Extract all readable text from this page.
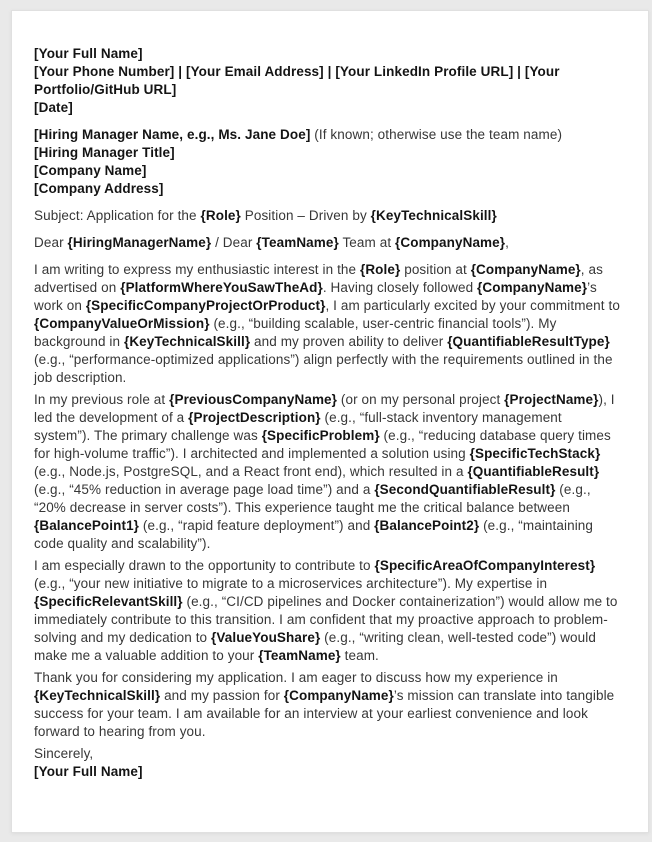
[Your Full Name]
[Your Phone Number] | [Your Email Address] | [Your LinkedIn Profile URL] | [Your Portfolio/GitHub URL]
[Date]

[Hiring Manager Name, e.g., Ms. Jane Doe] (If known; otherwise use the team name)
[Hiring Manager Title]
[Company Name]
[Company Address]

Subject: Application for the {Role} Position – Driven by {KeyTechnicalSkill}

Dear {HiringManagerName} / Dear {TeamName} Team at {CompanyName},

I am writing to express my enthusiastic interest in the {Role} position at {CompanyName}, as advertised on {PlatformWhereYouSawTheAd}. Having closely followed {CompanyName}’s work on {SpecificCompanyProjectOrProduct}, I am particularly excited by your commitment to {CompanyValueOrMission} (e.g., “building scalable, user-centric financial tools”). My background in {KeyTechnicalSkill} and my proven ability to deliver {QuantifiableResultType} (e.g., “performance-optimized applications”) align perfectly with the requirements outlined in the job description.

In my previous role at {PreviousCompanyName} (or on my personal project {ProjectName}), I led the development of a {ProjectDescription} (e.g., “full-stack inventory management system”). The primary challenge was {SpecificProblem} (e.g., “reducing database query times for high-volume traffic”). I architected and implemented a solution using {SpecificTechStack} (e.g., Node.js, PostgreSQL, and a React front end), which resulted in a {QuantifiableResult} (e.g., “45% reduction in average page load time”) and a {SecondQuantifiableResult} (e.g., “20% decrease in server costs”). This experience taught me the critical balance between {BalancePoint1} (e.g., “rapid feature deployment”) and {BalancePoint2} (e.g., “maintaining code quality and scalability”).

I am especially drawn to the opportunity to contribute to {SpecificAreaOfCompanyInterest} (e.g., “your new initiative to migrate to a microservices architecture”). My expertise in {SpecificRelevantSkill} (e.g., “CI/CD pipelines and Docker containerization”) would allow me to immediately contribute to this transition. I am confident that my proactive approach to problem-solving and my dedication to {ValueYouShare} (e.g., “writing clean, well-tested code”) would make me a valuable addition to your {TeamName} team.

Thank you for considering my application. I am eager to discuss how my experience in {KeyTechnicalSkill} and my passion for {CompanyName}’s mission can translate into tangible success for your team. I am available for an interview at your earliest convenience and look forward to hearing from you.

Sincerely,
[Your Full Name]
